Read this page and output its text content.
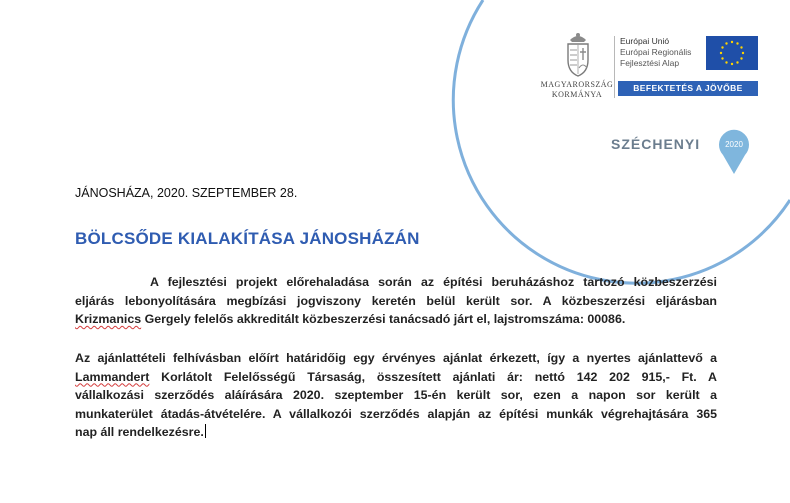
MAGYARORSZÁG
KORMÁNYA
Európai Unió
Európai Regionális
Fejlesztési Alap
BEFEKTETÉS A JÖVŐBE
SZÉCHENYI	2020
JÁNOSHÁZA, 2020. SZEPTEMBER 28.
BÖLCSŐDE KIALAKÍTÁSA JÁNOSHÁZÁN
A fejlesztési projekt előrehaladása során az építési beruházáshoz tartozó közbeszerzési
eljárás lebonyolítására megbízási jogviszony keretén belül került sor. A közbeszerzési eljárásban
Krizmanics Gergely felelős akkreditált közbeszerzési tanácsadó járt el, lajstromszáma: 00086.
Az ajánlattételi felhívásban előírt határidőig egy érvényes ajánlat érkezett, így a nyertes ajánlattevő a
Lammandert Korlátolt Felelősségű Társaság, összesített ajánlati ár: nettó 142 202 915,- Ft. A
vállalkozási szerződés aláírására 2020. szeptember 15-én került sor, ezen a napon sor került a
munkaterület átadás-átvételére. A vállalkozói szerződés alapján az építési munkák végrehajtására 365
nap áll rendelkezésre.
